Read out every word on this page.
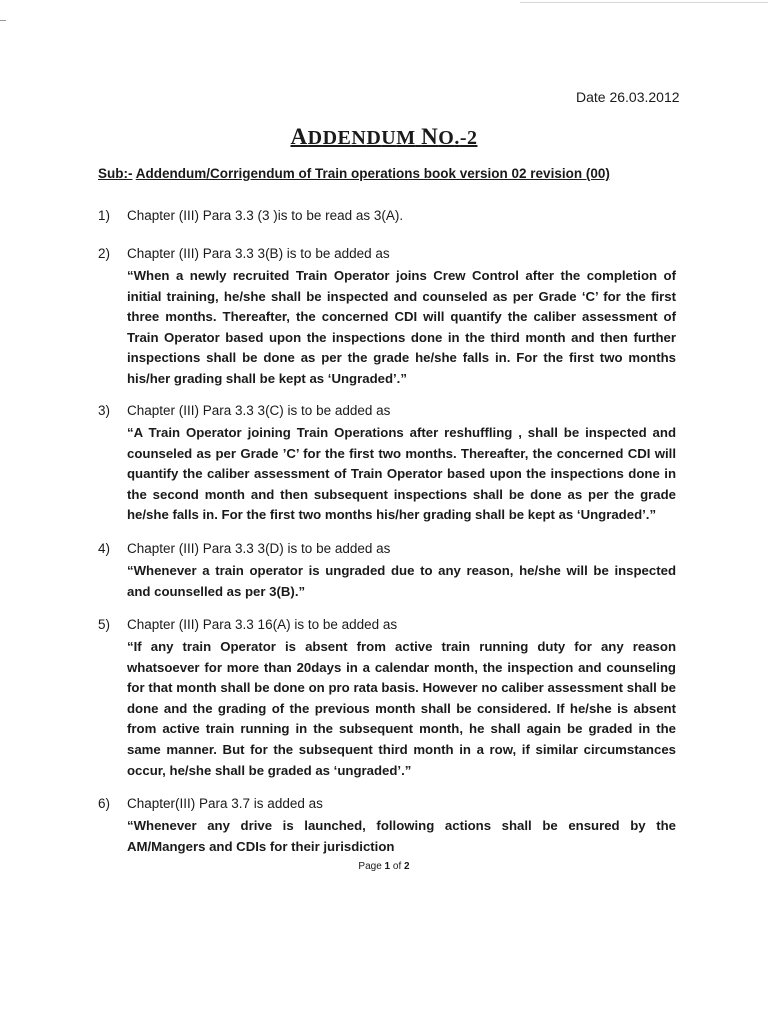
Date 26.03.2012
ADDENDUM NO.-2
Sub:- Addendum/Corrigendum of Train operations book version 02 revision (00)
1) Chapter (III) Para 3.3 (3 )is to be read as 3(A).
2) Chapter (III) Para 3.3 3(B) is to be added as
“When a newly recruited Train Operator joins Crew Control after the completion of initial training, he/she shall be inspected and counseled as per Grade ‘C’ for the first three months. Thereafter, the concerned CDI will quantify the caliber assessment of Train Operator based upon the inspections done in the third month and then further inspections shall be done as per the grade he/she falls in. For the first two months his/her grading shall be kept as ‘Ungraded’.”
3) Chapter (III) Para 3.3 3(C) is to be added as
“A Train Operator joining Train Operations after reshuffling , shall be inspected and counseled as per Grade ’C’ for the first two months. Thereafter, the concerned CDI will quantify the caliber assessment of Train Operator based upon the inspections done in the second month and then subsequent inspections shall be done as per the grade he/she falls in. For the first two months his/her grading shall be kept as ‘Ungraded’.”
4) Chapter (III) Para 3.3 3(D) is to be added as
“Whenever a train operator is ungraded due to any reason, he/she will be inspected and counselled as per 3(B).”
5) Chapter (III) Para 3.3 16(A) is to be added as
“If any train Operator is absent from active train running duty for any reason whatsoever for more than 20days in a calendar month, the inspection and counseling for that month shall be done on pro rata basis. However no caliber assessment shall be done and the grading of the previous month shall be considered. If he/she is absent from active train running in the subsequent month, he shall again be graded in the same manner. But for the subsequent third month in a row, if similar circumstances occur, he/she shall be graded as ‘ungraded’.”
6) Chapter(III) Para 3.7 is added as
“Whenever any drive is launched, following actions shall be ensured by the AM/Mangers and CDIs for their jurisdiction
Page 1 of 2
